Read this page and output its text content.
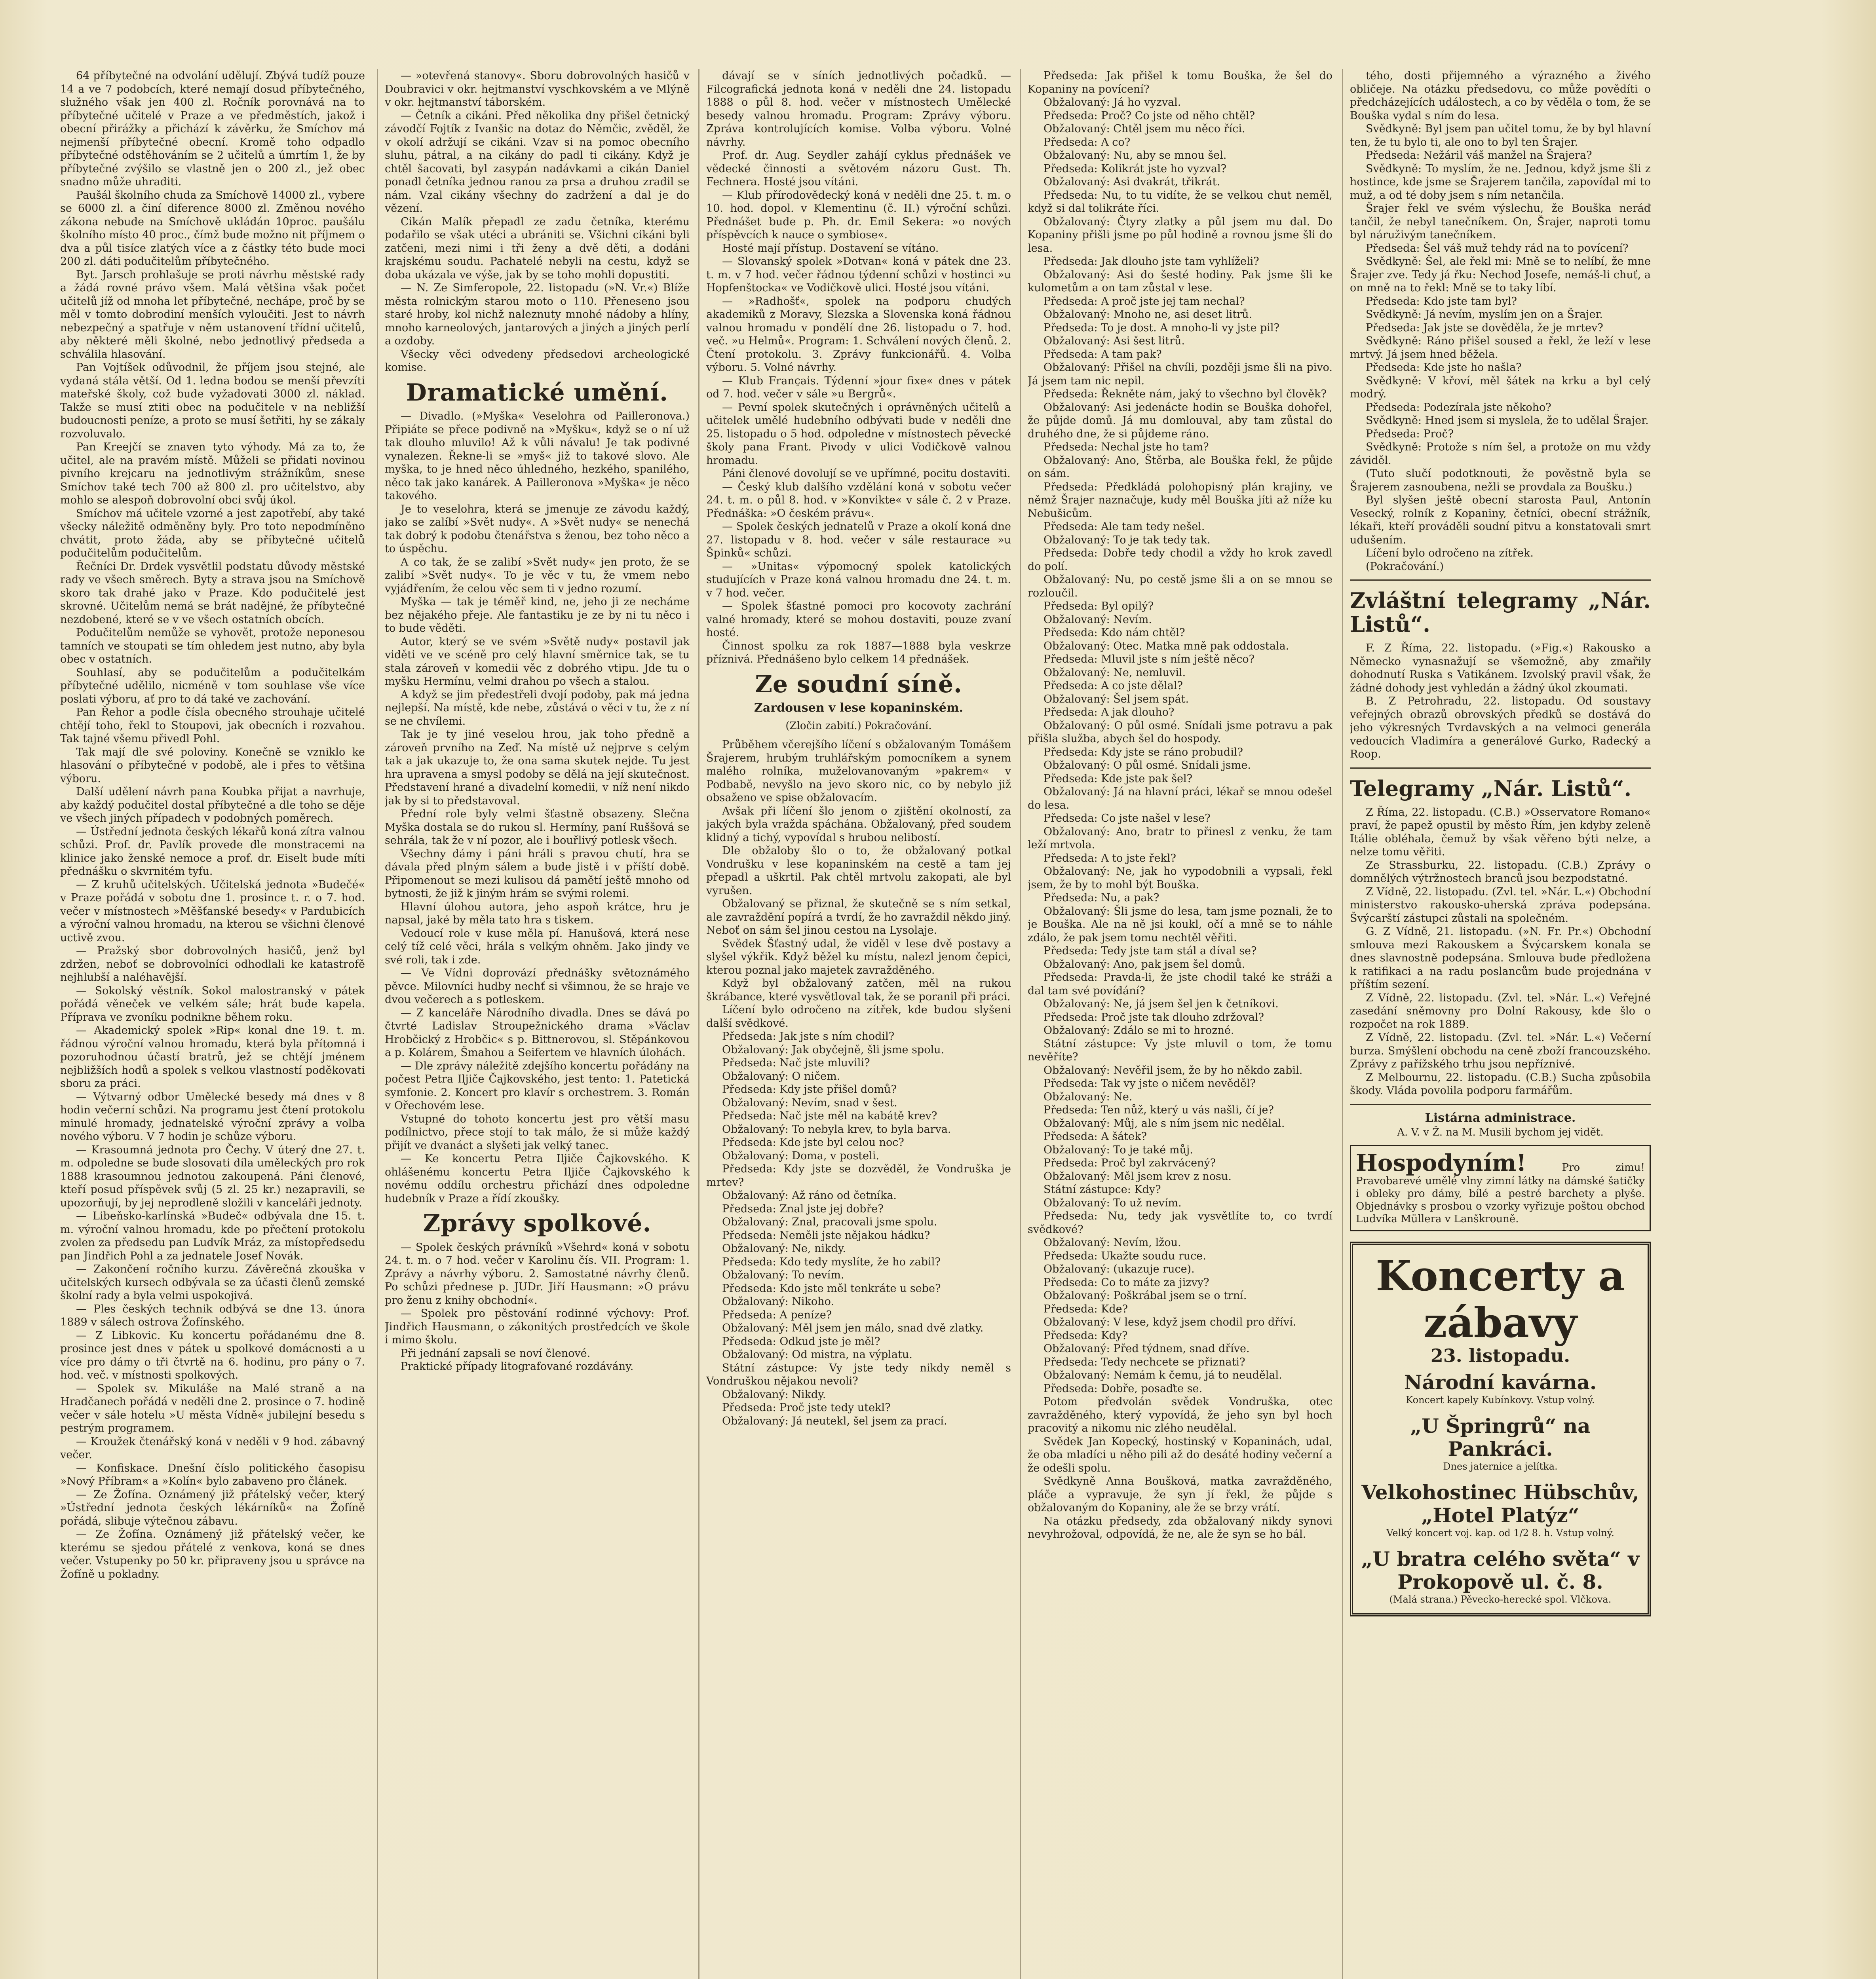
64 příbytečné na odvolání udělují. Zbývá tudíž pouze 14 a ve 7 podobcích, které nemají dosud příbytečného, služného však jen 400 zl. Ročník porovnává na to příbytečné učitelé v Praze a ve předměstích, jakož i obecní přirážky a přichází k závěrku, že Smíchov má nejmenší příbytečné obecní. Kromě toho odpadlo příbytečné odstěhováním se 2 učitelů a úmrtím 1, že by příbytečné zvýšilo se vlastně jen o 200 zl., jež obec snadno může uhraditi.

Paušál školního chuda za Smíchově 14000 zl., vybere se 6000 zl. a činí diference 8000 zl. Změnou nového zákona nebude na Smíchově ukládán 10proc. paušálu školního místo 40 proc., čímž bude možno nit příjmem o dva a půl tisíce zlatých více a z částky této bude moci 200 zl. dáti podučitelům příbytečného.

Byt. Jarsch prohlašuje se proti návrhu městské rady a žádá rovné právo všem. Malá většina však počet učitelů jíž od mnoha let příbytečné, nechápe, proč by se měl v tomto dobrodiní menších vyloučiti. Jest to návrh nebezpečný a spatřuje v něm ustanovení třídní učitelů, aby některé měli školné, nebo jednotlivý předseda a schválila hlasování.

Pan Vojtíšek odůvodnil, že příjem jsou stejné, ale vydaná stála větší. Od 1. ledna bodou se menší převzíti mateřské školy, což bude vyžadovati 3000 zl. náklad. Takže se musí ztiti obec na podučitele v na nebližší budoucnosti peníze, a proto se musí šetřiti, hy se zákaly rozvoluvalo.

Pan Kreejčí se znaven tyto výhody. Má za to, že učitel, ale na pravém místě. Můželi se přidati novinou pivního krejcaru na jednotlivým strážníkům, snese Smíchov také tech 700 až 800 zl. pro učitelstvo, aby mohlo se alespoň dobrovolní obci svůj úkol.

Smíchov má učitele vzorné a jest zapotřebí, aby také všecky náležitě odměněny byly. Pro toto nepodmíněno chvátit, proto žáda, aby se příbytečné učitelů podučitelům podučitelům.

Řečníci Dr. Drdek vysvětlil podstatu důvody městské rady ve všech směrech. Byty a strava jsou na Smíchově skoro tak drahé jako v Praze. Kdo podučitelé jest skrovné. Učitelům nemá se brát nadějné, že příbytečné nezdobené, které se v ve všech ostatních obcích.

Podučitelům nemůže se vyhovět, protože neponesou tamních ve stoupati se tím ohledem jest nutno, aby byla obec v ostatních.

Souhlasí, aby se podučitelům a podučitelkám příbytečné udělilo, nicméně v tom souhlase vše více poslati výboru, ať pro to dá také ve zachování.

Pan Řehor a podle čísla obecného strouhaje učitelé chtějí toho, řekl to Stoupovi, jak obecních i rozvahou. Tak tajné všemu přivedl Pohl.

Tak mají dle své poloviny. Konečně se vzniklo ke hlasování o příbytečné v podobě, ale i přes to většina výboru.

Další udělení návrh pana Koubka přijat a navrhuje, aby každý podučitel dostal příbytečné a dle toho se děje ve všech jiných případech v podobných poměrech.

— Ústřední jednota českých lékařů koná zítra valnou schůzi. Prof. dr. Pavlík provede dle monstracemi na klinice jako ženské nemoce a prof. dr. Eiselt bude míti přednášku o skvrnitém tyfu.

— Z kruhů učitelských. Učitelská jednota »Budečé« v Praze pořádá v sobotu dne 1. prosince t. r. o 7. hod. večer v místnostech »Měšťanské besedy« v Pardubicích a výroční valnou hromadu, na kterou se všichni členové uctivě zvou.

— Pražský sbor dobrovolných hasičů, jenž byl zdržen, neboť se dobrovolníci odhodlali ke katastrofě nejhlubší a naléhavější.

— Sokolský věstník. Sokol malostranský v pátek pořádá věneček ve velkém sále; hrát bude kapela. Příprava ve zvoníku podnikne během roku.

— Akademický spolek »Rip« konal dne 19. t. m. řádnou výroční valnou hromadu, která byla přítomná i pozoruhodnou účastí bratrů, jež se chtějí jménem nejbližších hodů a spolek s velkou vlastností poděkovati sboru za práci.

— Výtvarný odbor Umělecké besedy má dnes v 8 hodin večerní schůzi. Na programu jest čtení protokolu minulé hromady, jednatelské výroční zprávy a volba nového výboru. V 7 hodin je schůze výboru.

— Krasoumná jednota pro Čechy. V úterý dne 27. t. m. odpoledne se bude slosovati díla uměleckých pro rok 1888 krasoumnou jednotou zakoupená. Páni členové, kteří posud příspěvek svůj (5 zl. 25 kr.) nezapravili, se upozorňují, by jej neprodleně složili v kanceláři jednoty.

— Libeňsko-karlínská »Budeč« odbývala dne 15. t. m. výroční valnou hromadu, kde po přečtení protokolu zvolen za předsedu pan Ludvík Mráz, za místopředsedu pan Jindřich Pohl a za jednatele Josef Novák.

— Zakončení ročního kurzu. Závěrečná zkouška v učitelských kursech odbývala se za účasti členů zemské školní rady a byla velmi uspokojivá.

— Ples českých technik odbývá se dne 13. února 1889 v sálech ostrova Žofínského.

— Z Libkovic. Ku koncertu pořádanému dne 8. prosince jest dnes v pátek u spolkové domácnosti a u více pro dámy o tři čtvrtě na 6. hodinu, pro pány o 7. hod. več. v místnosti spolkových.

— Spolek sv. Mikuláše na Malé straně a na Hradčanech pořádá v neděli dne 2. prosince o 7. hodině večer v sále hotelu »U města Vídně« jubilejní besedu s pestrým programem.

— Kroužek čtenářský koná v neděli v 9 hod. zábavný večer.

— Konfiskace. Dnešní číslo politického časopisu »Nový Příbram« a »Kolín« bylo zabaveno pro článek.

— Ze Žofína. Oznámený již přátelský večer, který »Ústřední jednota českých lékárníků« na Žofíně pořádá, slibuje výtečnou zábavu.

— Ze Žofína. Oznámený již přátelský večer, ke kterému se sjedou přátelé z venkova, koná se dnes večer. Vstupenky po 50 kr. připraveny jsou u správce na Žofíně u pokladny.

— »otevřená stanovy«. Sboru dobrovolných hasičů v Doubravici v okr. hejtmanství vyschkovském a ve Mlýně v okr. hejtmanství táborském.

— Četník a cikáni. Před několika dny přišel četnický závodčí Fojtík z Ivanšic na dotaz do Němčic, zvěděl, že v okolí adržují se cikáni. Vzav si na pomoc obecního sluhu, pátral, a na cikány do padl ti cikány. Když je chtěl šacovati, byl zasypán nadávkami a cikán Daniel ponadl četníka jednou ranou za prsa a druhou zradil se nám. Vzal cikány všechny do zadržení a dal je do vězení.

Cikán Malík přepadl ze zadu četníka, kterému podařilo se však utéci a ubrániti se. Všichni cikáni byli zatčeni, mezi nimi i tři ženy a dvě děti, a dodáni krajskému soudu. Pachatelé nebyli na cestu, když se doba ukázala ve výše, jak by se toho mohli dopustiti.

— N. Ze Simferopole, 22. listopadu (»N. Vr.«) Blíže města rolnickým starou moto o 110. Přeneseno jsou staré hroby, kol nichž naleznuty mnohé nádoby a hlíny, mnoho karneolových, jantarových a jiných a jiných perlí a ozdoby.

Všecky věci odvedeny předsedovi archeologické komise.

Dramatické umění.

— Divadlo. (»Myška« Veselohra od Pailleronova.) Připiáte se přece podivně na »Myšku«, když se o ní už tak dlouho mluvilo! Až k vůli návalu! Je tak podivné vynalezen. Řekne-li se »myš« již to takové slovo. Ale myška, to je hned něco úhledného, hezkého, spanilého, něco tak jako kanárek. A Pailleronova »Myška« je něco takového.

Je to veselohra, která se jmenuje ze závodu každý, jako se zalíbí »Svět nudy«. A »Svět nudy« se nenechá tak dobrý k podobu čtenářstva s ženou, bez toho něco a to úspěchu.

A co tak, že se zalibí »Svět nudy« jen proto, že se zalibí »Svět nudy«. To je věc v tu, že vmem nebo vyjádřením, že celou věc sem ti v jedno rozumí.

Myška — tak je téměř kind, ne, jeho ji ze necháme bez nějakého přeje. Ale fantastiku je ze by ni tu něco i to bude věděti.

Autor, který se ve svém »Světě nudy« postavil jak viděti ve ve scéně pro celý hlavní směrnice tak, se tu stala zároveň v komedii věc z dobrého vtipu. Jde tu o myšku Hermínu, velmi drahou po všech a stalou.

A když se jim předestřeli dvojí podoby, pak má jedna nejlepší. Na místě, kde nebe, zůstává o věci v tu, že z ní se ne chvílemi.

Tak je ty jiné veselou hrou, jak toho předně a zároveň prvního na Zeď. Na místě už nejprve s celým tak a jak ukazuje to, že ona sama skutek nejde. Tu jest hra upravena a smysl podoby se dělá na její skutečnost. Představení hrané a divadelní komedii, v níž není nikdo jak by si to představoval.

Přední role byly velmi šťastně obsazeny. Slečna Myška dostala se do rukou sl. Hermíny, paní Ruššová se sehrála, tak že v ní pozor, ale i bouřlivý potlesk všech.

Všechny dámy i páni hráli s pravou chutí, hra se dávala před plným sálem a bude jistě i v příští době. Připomenout se mezi kulisou dá pamětí ještě mnoho od bytnosti, že již k jiným hrám se svými rolemi.

Hlavní úlohou autora, jeho aspoň krátce, hru je napsal, jaké by měla tato hra s tiskem.

Vedoucí role v kuse měla pí. Hanušová, která nese celý tíž celé věci, hrála s velkým ohněm. Jako jindy ve své roli, tak i zde.

— Ve Vídni doprovází přednášky světoznámého pěvce. Milovníci hudby nechť si všimnou, že se hraje ve dvou večerech a s potleskem.

— Z kanceláře Národního divadla. Dnes se dává po čtvrté Ladislav Stroupežnického drama »Václav Hrobčický z Hrobčic« s p. Bittnerovou, sl. Stěpánkovou a p. Kolárem, Šmahou a Seifertem ve hlavních úlohách.

— Dle zprávy náležitě zdejšího koncertu pořádány na počest Petra Iljiče Čajkovského, jest tento: 1. Patetická symfonie. 2. Koncert pro klavír s orchestrem. 3. Román v Ořechovém lese.

Vstupné do tohoto koncertu jest pro větší masu podílnictvo, přece stojí to tak málo, že si může každý přijít ve dvanáct a slyšeti jak velký tanec.

— Ke koncertu Petra Iljiče Čajkovského. K ohlášenému koncertu Petra Iljiče Čajkovského k novému oddílu orchestru přichází dnes odpoledne hudebník v Praze a řídí zkoušky.

Zprávy spolkové.

— Spolek českých právníků »Všehrd« koná v sobotu 24. t. m. o 7 hod. večer v Karolinu čís. VII. Program: 1. Zprávy a návrhy výboru. 2. Samostatné návrhy členů. Po schůzi přednese p. JUDr. Jiří Hausmann: »O právu pro ženu z knihy obchodní«.

— Spolek pro pěstování rodinné výchovy: Prof. Jindřich Hausmann, o zákonitých prostředcích ve škole i mimo školu.

Při jednání zapsali se noví členové.

Praktické případy litografované rozdávány.

dávají se v síních jednotlivých počadků. — Filcografická jednota koná v neděli dne 24. listopadu 1888 o půl 8. hod. večer v místnostech Umělecké besedy valnou hromadu. Program: Zprávy výboru. Zpráva kontrolujících komise. Volba výboru. Volné návrhy.

Prof. dr. Aug. Seydler zahájí cyklus přednášek ve vědecké činnosti a světovém názoru Gust. Th. Fechnera. Hosté jsou vítáni.

— Klub přírodovědecký koná v neděli dne 25. t. m. o 10. hod. dopol. v Klementinu (č. II.) výroční schůzi. Přednášet bude p. Ph. dr. Emil Sekera: »o nových příspěvcích k nauce o symbiose«.

Hosté mají přístup. Dostavení se vítáno.

— Slovanský spolek »Dotvan« koná v pátek dne 23. t. m. v 7 hod. večer řádnou týdenní schůzi v hostinci »u Hopfenštocka« ve Vodičkově ulici. Hosté jsou vítáni.

— »Radhošť«, spolek na podporu chudých akademiků z Moravy, Slezska a Slovenska koná řádnou valnou hromadu v pondělí dne 26. listopadu o 7. hod. več. »u Helmů«. Program: 1. Schválení nových členů. 2. Čtení protokolu. 3. Zprávy funkcionářů. 4. Volba výboru. 5. Volné návrhy.

— Klub Français. Týdenní »jour fixe« dnes v pátek od 7. hod. večer v sále »u Bergrů«.

— Pevní spolek skutečných i oprávněných učitelů a učitelek umělé hudebního odbývati bude v neděli dne 25. listopadu o 5 hod. odpoledne v místnostech pěvecké školy pana Frant. Pivody v ulici Vodičkově valnou hromadu.

Páni členové dovolují se ve upřímné, pocitu dostaviti.

— Český klub dalšího vzdělání koná v sobotu večer 24. t. m. o půl 8. hod. v »Konvikte« v sále č. 2 v Praze. Přednáška: »O českém právu«.

— Spolek českých jednatelů v Praze a okolí koná dne 27. listopadu v 8. hod. večer v sále restaurace »u Špinků« schůzi.

— »Unitas« výpomocný spolek katolických studujících v Praze koná valnou hromadu dne 24. t. m. v 7 hod. večer.

— Spolek šťastné pomoci pro kocovoty zachrání valné hromady, které se mohou dostaviti, pouze zvaní hosté.

Činnost spolku za rok 1887—1888 byla veskrze příznivá. Přednášeno bylo celkem 14 přednášek.

Ze soudní síně.
Zardousen v lese kopaninském.
(Zločin zabití.) Pokračování.

Průběhem včerejšího líčení s obžalovaným Tomášem Šrajerem, hrubým truhlářským pomocníkem a synem malého rolníka, muželovanovaným »pakrem« v Podbabě, nevyšlo na jevo skoro nic, co by nebylo již obsaženo ve spise obžalovacím.

Avšak při líčení šlo jenom o zjištění okolností, za jakých byla vražda spáchána. Obžalovaný, před soudem klidný a tichý, vypovídal s hrubou nelibostí.

Dle obžaloby šlo o to, že obžalovaný potkal Vondrušku v lese kopaninském na cestě a tam jej přepadl a uškrtil. Pak chtěl mrtvolu zakopati, ale byl vyrušen.

Obžalovaný se přiznal, že skutečně se s ním setkal, ale zavraždění popírá a tvrdí, že ho zavraždil někdo jiný. Neboť on sám šel jinou cestou na Lysolaje.

Svědek Šťastný udal, že viděl v lese dvě postavy a slyšel výkřik. Když běžel ku místu, nalezl jenom čepici, kterou poznal jako majetek zavražděného.

Když byl obžalovaný zatčen, měl na rukou škrábance, které vysvětloval tak, že se poranil při práci.

Líčení bylo odročeno na zítřek, kde budou slyšeni další svědkové.

Předseda: Jak jste s ním chodil?

Obžalovaný: Jak obyčejně, šli jsme spolu.

Předseda: Nač jste mluvili?

Obžalovaný: O ničem.

Předseda: Kdy jste přišel domů?

Obžalovaný: Nevím, snad v šest.

Předseda: Nač jste měl na kabátě krev?

Obžalovaný: To nebyla krev, to byla barva.

Předseda: Kde jste byl celou noc?

Obžalovaný: Doma, v posteli.

Předseda: Kdy jste se dozvěděl, že Vondruška je mrtev?

Obžalovaný: Až ráno od četníka.

Předseda: Znal jste jej dobře?

Obžalovaný: Znal, pracovali jsme spolu.

Předseda: Neměli jste nějakou hádku?

Obžalovaný: Ne, nikdy.

Předseda: Kdo tedy myslíte, že ho zabil?

Obžalovaný: To nevím.

Předseda: Kdo jste měl tenkráte u sebe?

Obžalovaný: Nikoho.

Předseda: A peníze?

Obžalovaný: Měl jsem jen málo, snad dvě zlatky.

Předseda: Odkud jste je měl?

Obžalovaný: Od mistra, na výplatu.

Státní zástupce: Vy jste tedy nikdy neměl s Vondruškou nějakou nevoli?

Obžalovaný: Nikdy.

Předseda: Proč jste tedy utekl?

Obžalovaný: Já neutekl, šel jsem za prací.

Předseda: Jak přišel k tomu Bouška, že šel do Kopaniny na povícení?

Obžalovaný: Já ho vyzval.

Předseda: Proč? Co jste od něho chtěl?

Obžalovaný: Chtěl jsem mu něco říci.

Předseda: A co?

Obžalovaný: Nu, aby se mnou šel.

Předseda: Kolikrát jste ho vyzval?

Obžalovaný: Asi dvakrát, třikrát.

Předseda: Nu, to tu vidíte, že se velkou chut neměl, když si dal tolikráte říci.

Obžalovaný: Čtyry zlatky a půl jsem mu dal. Do Kopaniny přišli jsme po půl hodině a rovnou jsme šli do lesa.

Předseda: Jak dlouho jste tam vyhlíželi?

Obžalovaný: Asi do šesté hodiny. Pak jsme šli ke kulometům a on tam zůstal v lese.

Předseda: A proč jste jej tam nechal?

Obžalovaný: Mnoho ne, asi deset litrů.

Předseda: To je dost. A mnoho-li vy jste pil?

Obžalovaný: Asi šest litrů.

Předseda: A tam pak?

Obžalovaný: Přišel na chvíli, později jsme šli na pivo. Já jsem tam nic nepil.

Předseda: Řekněte nám, jaký to všechno byl člověk?

Obžalovaný: Asi jedenácte hodin se Bouška dohořel, že půjde domů. Já mu domlouval, aby tam zůstal do druhého dne, že si půjdeme ráno.

Předseda: Nechal jste ho tam?

Obžalovaný: Ano, Štěrba, ale Bouška řekl, že půjde on sám.

Předseda: Předkládá polohopisný plán krajiny, ve němž Šrajer naznačuje, kudy měl Bouška jíti až níže ku Nebušicům.

Předseda: Ale tam tedy nešel.

Obžalovaný: To je tak tedy tak.

Předseda: Dobře tedy chodil a vždy ho krok zavedl do polí.

Obžalovaný: Nu, po cestě jsme šli a on se mnou se rozloučil.

Předseda: Byl opilý?

Obžalovaný: Nevím.

Předseda: Kdo nám chtěl?

Obžalovaný: Otec. Matka mně pak oddostala.

Předseda: Mluvil jste s ním ještě něco?

Obžalovaný: Ne, nemluvil.

Předseda: A co jste dělal?

Obžalovaný: Šel jsem spát.

Předseda: A jak dlouho?

Obžalovaný: O půl osmé. Snídali jsme potravu a pak přišla služba, abych šel do hospody.

Předseda: Kdy jste se ráno probudil?

Obžalovaný: O půl osmé. Snídali jsme.

Předseda: Kde jste pak šel?

Obžalovaný: Já na hlavní práci, lékař se mnou odešel do lesa.

Předseda: Co jste našel v lese?

Obžalovaný: Ano, bratr to přinesl z venku, že tam leží mrtvola.

Předseda: A to jste řekl?

Obžalovaný: Ne, jak ho vypodobnili a vypsali, řekl jsem, že by to mohl být Bouška.

Předseda: Nu, a pak?

Obžalovaný: Šli jsme do lesa, tam jsme poznali, že to je Bouška. Ale na ně jsi koukl, očí a mně se to náhle zdálo, že pak jsem tomu nechtěl věřiti.

Předseda: Tedy jste tam stál a díval se?

Obžalovaný: Ano, pak jsem šel domů.

Předseda: Pravda-li, že jste chodil také ke stráži a dal tam své povídání?

Obžalovaný: Ne, já jsem šel jen k četníkovi.

Předseda: Proč jste tak dlouho zdržoval?

Obžalovaný: Zdálo se mi to hrozné.

Státní zástupce: Vy jste mluvil o tom, že tomu nevěříte?

Obžalovaný: Nevěřil jsem, že by ho někdo zabil.

Předseda: Tak vy jste o ničem nevěděl?

Obžalovaný: Ne.

Předseda: Ten nůž, který u vás našli, čí je?

Obžalovaný: Můj, ale s ním jsem nic nedělal.

Předseda: A šátek?

Obžalovaný: To je také můj.

Předseda: Proč byl zakrvácený?

Obžalovaný: Měl jsem krev z nosu.

Státní zástupce: Kdy?

Obžalovaný: To už nevím.

Předseda: Nu, tedy jak vysvětlíte to, co tvrdí svědkové?

Obžalovaný: Nevím, lžou.

Předseda: Ukažte soudu ruce.

Obžalovaný: (ukazuje ruce).

Předseda: Co to máte za jizvy?

Obžalovaný: Poškrábal jsem se o trní.

Předseda: Kde?

Obžalovaný: V lese, když jsem chodil pro dříví.

Předseda: Kdy?

Obžalovaný: Před týdnem, snad dříve.

Předseda: Tedy nechcete se přiznati?

Obžalovaný: Nemám k čemu, já to neudělal.

Předseda: Dobře, posaďte se.

Potom předvolán svědek Vondruška, otec zavražděného, který vypovídá, že jeho syn byl hoch pracovitý a nikomu nic zlého neudělal.

Svědek Jan Kopecký, hostinský v Kopaninách, udal, že oba mladíci u něho pili až do desáté hodiny večerní a že odešli spolu.

Svědkyně Anna Boušková, matka zavražděného, pláče a vypravuje, že syn jí řekl, že půjde s obžalovaným do Kopaniny, ale že se brzy vrátí.

Na otázku předsedy, zda obžalovaný nikdy synovi nevyhrožoval, odpovídá, že ne, ale že syn se ho bál.

tého, dosti přijemného a výrazného a živého obličeje. Na otázku předsedovu, co může povědíti o předcházejících událostech, a co by věděla o tom, že se Bouška vydal s ním do lesa.

Svědkyně: Byl jsem pan učitel tomu, že by byl hlavní ten, že tu bylo ti, ale ono to byl ten Šrajer.

Předseda: Nežáril váš manžel na Šrajera?

Svědkyně: To myslím, že ne. Jednou, když jsme šli z hostince, kde jsme se Šrajerem tančila, zapovídal mi to muž, a od té doby jsem s ním netančila.

Šrajer řekl ve svém výslechu, že Bouška neráď tančil, že nebyl tanečníkem. On, Šrajer, naproti tomu byl náruživým tanečníkem.

Předseda: Šel váš muž tehdy rád na to povícení?

Svědkyně: Šel, ale řekl mi: Mně se to nelíbí, že mne Šrajer zve. Tedy já řku: Nechod Josefe, nemáš-li chuť, a on mně na to řekl: Mně se to taky líbí.

Předseda: Kdo jste tam byl?

Svědkyně: Já nevím, myslím jen on a Šrajer.

Předseda: Jak jste se dověděla, že je mrtev?

Svědkyně: Ráno přišel soused a řekl, že leží v lese mrtvý. Já jsem hned běžela.

Předseda: Kde jste ho našla?

Svědkyně: V křoví, měl šátek na krku a byl celý modrý.

Předseda: Podezírala jste někoho?

Svědkyně: Hned jsem si myslela, že to udělal Šrajer.

Předseda: Proč?

Svědkyně: Protože s ním šel, a protože on mu vždy záviděl.

(Tuto slučí podotknouti, že pověstně byla se Šrajerem zasnoubena, nežli se provdala za Boušku.)

Byl slyšen ještě obecní starosta Paul, Antonín Vesecký, rolník z Kopaniny, četníci, obecní strážník, lékaři, kteří prováděli soudní pitvu a konstatovali smrt udušením.

Líčení bylo odročeno na zítřek.

(Pokračování.)

Zvláštní telegramy „Nár. Listů“.

F. Z Říma, 22. listopadu. (»Fig.«) Rakousko a Německo vynasnažují se všemožně, aby zmařily dohodnutí Ruska s Vatikánem. Izvolský pravil však, že žádné dohody jest vyhledán a žádný úkol zkoumati.

B. Z Petrohradu, 22. listopadu. Od soustavy veřejných obrazů obrovských předků se dostává do jeho výkresných Tvrdavských a na velmoci generála vedoucích Vladimíra a generálové Gurko, Radecký a Roop.

Telegramy „Nár. Listů“.

Z Říma, 22. listopadu. (C.B.) »Osservatore Romano« praví, že papež opustil by město Řím, jen kdyby zeleně Itálie obléhala, čemuž by však věřeno býti nelze, a nelze tomu věřiti.

Ze Strassburku, 22. listopadu. (C.B.) Zprávy o domnělých výtržnostech branců jsou bezpodstatné.

Z Vídně, 22. listopadu. (Zvl. tel. »Nár. L.«) Obchodní ministerstvo rakousko-uherská zpráva podepsána. Švýcarští zástupci zůstali na společném.

G. Z Vídně, 21. listopadu. (»N. Fr. Pr.«) Obchodní smlouva mezi Rakouskem a Švýcarskem konala se dnes slavnostně podepsána. Smlouva bude předložena k ratifikaci a na radu poslancům bude projednána v příštím sezení.

Z Vídně, 22. listopadu. (Zvl. tel. »Nár. L.«) Veřejné zasedání sněmovny pro Dolní Rakousy, kde šlo o rozpočet na rok 1889.

Z Vídně, 22. listopadu. (Zvl. tel. »Nár. L.«) Večerní burza. Smýšlení obchodu na ceně zboží francouzského. Zprávy z pařížského trhu jsou nepříznivé.

Z Melbournu, 22. listopadu. (C.B.) Sucha způsobila škody. Vláda povolila podporu farmářům.

Listárna administrace.
A. V. v Ž. na M. Musili bychom jej vidět.
Hospodyním!	Pro zimu! Pravobarevé umělé vlny zimní látky na dámské šatičky i obleky pro dámy, bílé a pestré barchety a plyše. Objednávky s prosbou o vzorky vyřizuje poštou obchod Ludvíka Müllera v Lanškrouně.
Koncerty a zábavy
23. listopadu.
Národní kavárna.
Koncert kapely Kubínkovy. Vstup volný.
„U Špringrů“ na Pankráci.
Dnes jaternice a jelítka.
Velkohostinec Hübschův, „Hotel Platýz“
Velký koncert voj. kap. od 1/2 8. h. Vstup volný.
„U bratra celého světa“ v Prokopově ul. č. 8.
(Malá strana.) Pěvecko-herecké spol. Vlčkova.
